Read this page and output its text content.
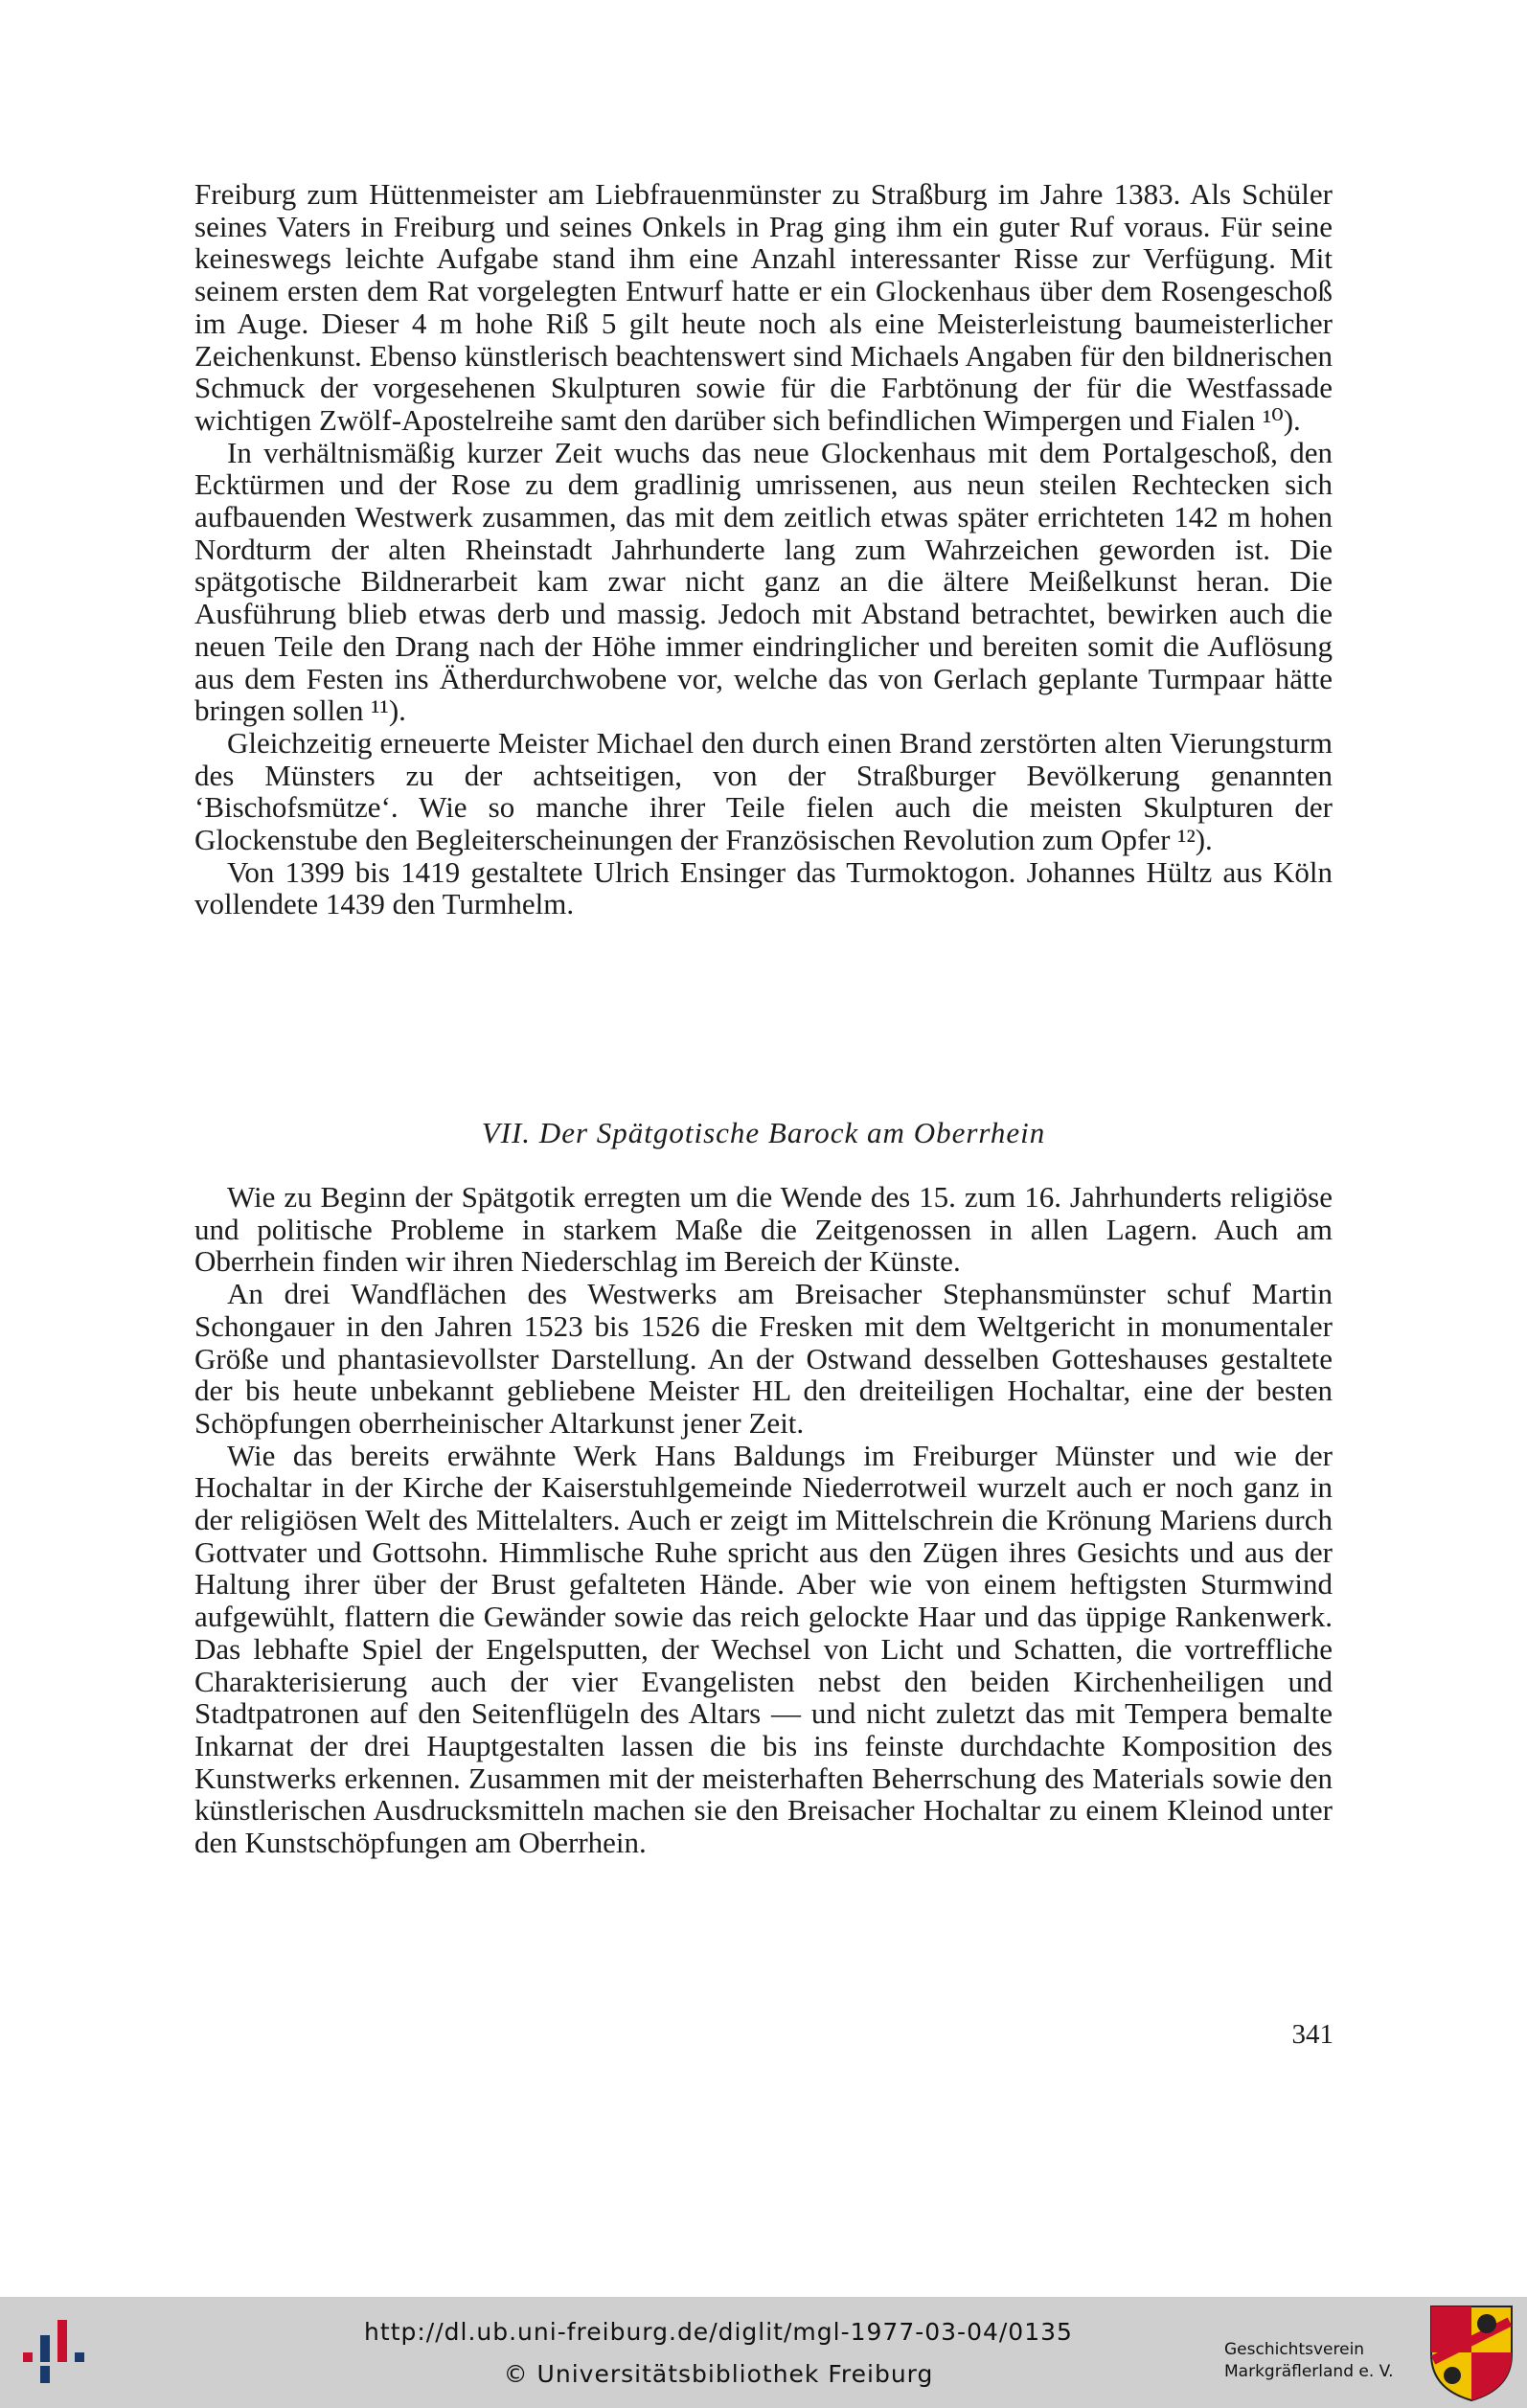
Freiburg zum Hüttenmeister am Liebfrauenmünster zu Straßburg im Jahre 1383. Als Schüler seines Vaters in Freiburg und seines Onkels in Prag ging ihm ein guter Ruf voraus. Für seine keineswegs leichte Aufgabe stand ihm eine Anzahl interessanter Risse zur Verfügung. Mit seinem ersten dem Rat vorgelegten Entwurf hatte er ein Glockenhaus über dem Rosengeschoß im Auge. Dieser 4 m hohe Riß 5 gilt heute noch als eine Meisterleistung baumeisterlicher Zeichenkunst. Ebenso künstlerisch beachtenswert sind Michaels Angaben für den bildnerischen Schmuck der vorgesehenen Skulpturen sowie für die Farbtönung der für die Westfassade wichtigen Zwölf-Apostelreihe samt den darüber sich befindlichen Wimpergen und Fialen ¹⁰).

In verhältnismäßig kurzer Zeit wuchs das neue Glockenhaus mit dem Portalgeschoß, den Ecktürmen und der Rose zu dem gradlinig umrissenen, aus neun steilen Rechtecken sich aufbauenden Westwerk zusammen, das mit dem zeitlich etwas später errichteten 142 m hohen Nordturm der alten Rheinstadt Jahrhunderte lang zum Wahrzeichen geworden ist. Die spätgotische Bildnerarbeit kam zwar nicht ganz an die ältere Meißelkunst heran. Die Ausführung blieb etwas derb und massig. Jedoch mit Abstand betrachtet, bewirken auch die neuen Teile den Drang nach der Höhe immer eindringlicher und bereiten somit die Auflösung aus dem Festen ins Ätherdurchwobene vor, welche das von Gerlach geplante Turmpaar hätte bringen sollen ¹¹).

Gleichzeitig erneuerte Meister Michael den durch einen Brand zerstörten alten Vierungsturm des Münsters zu der achtseitigen, von der Straßburger Bevölkerung genannten ‘Bischofsmütze‘. Wie so manche ihrer Teile fielen auch die meisten Skulpturen der Glockenstube den Begleiterscheinungen der Französischen Revolution zum Opfer ¹²).

Von 1399 bis 1419 gestaltete Ulrich Ensinger das Turmoktogon. Johannes Hültz aus Köln vollendete 1439 den Turmhelm.

VII. Der Spätgotische Barock am Oberrhein

Wie zu Beginn der Spätgotik erregten um die Wende des 15. zum 16. Jahrhunderts religiöse und politische Probleme in starkem Maße die Zeitgenossen in allen Lagern. Auch am Oberrhein finden wir ihren Niederschlag im Bereich der Künste.

An drei Wandflächen des Westwerks am Breisacher Stephansmünster schuf Martin Schongauer in den Jahren 1523 bis 1526 die Fresken mit dem Weltgericht in monumentaler Größe und phantasievollster Darstellung. An der Ostwand desselben Gotteshauses gestaltete der bis heute unbekannt gebliebene Meister HL den dreiteiligen Hochaltar, eine der besten Schöpfungen oberrheinischer Altarkunst jener Zeit.

Wie das bereits erwähnte Werk Hans Baldungs im Freiburger Münster und wie der Hochaltar in der Kirche der Kaiserstuhlgemeinde Niederrotweil wurzelt auch er noch ganz in der religiösen Welt des Mittelalters. Auch er zeigt im Mittelschrein die Krönung Mariens durch Gottvater und Gottsohn. Himmlische Ruhe spricht aus den Zügen ihres Gesichts und aus der Haltung ihrer über der Brust gefalteten Hände. Aber wie von einem heftigsten Sturmwind aufgewühlt, flattern die Gewänder sowie das reich gelockte Haar und das üppige Rankenwerk. Das lebhafte Spiel der Engelsputten, der Wechsel von Licht und Schatten, die vortreffliche Charakterisierung auch der vier Evangelisten nebst den beiden Kirchenheiligen und Stadtpatronen auf den Seitenflügeln des Altars — und nicht zuletzt das mit Tempera bemalte Inkarnat der drei Hauptgestalten lassen die bis ins feinste durchdachte Komposition des Kunstwerks erkennen. Zusammen mit der meisterhaften Beherrschung des Materials sowie den künstlerischen Ausdrucksmitteln machen sie den Breisacher Hochaltar zu einem Kleinod unter den Kunstschöpfungen am Oberrhein.

341
http://dl.ub.uni-freiburg.de/diglit/mgl-1977-03-04/0135
© Universitätsbibliothek Freiburg
Geschichtsverein
Markgräflerland e. V.
